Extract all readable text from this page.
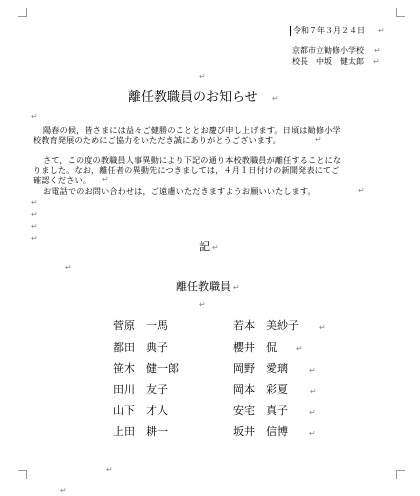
令和７年３月２４日 ↵
京都市立勧修小学校 ↵
校長　中坂　健太郎 ↵
↵
離任教職員のお知らせ ↵
↵
陽春の候，皆さまには益々ご健勝のこととお慶び申し上げます。日頃は勧修小学
校教育発展のためにご協力をいただき誠にありがとうございます。	↵
さて，この度の教職員人事異動により下記の通り本校教職員が離任することにな
りました。なお，離任者の異動先につきましては，４月１日付けの新聞発表にてご
確認ください。 ↵
お電話でのお問い合わせは，ご遠慮いただきますようお願いいたします。	↵
↵
↵
↵
↵
記 ↵
↵
離任教職員 ↵
↵
菅原　一馬
都田　典子
笹木　健一郎
田川　友子
山下　才人
上田　耕一
若本　美紗子
櫻井　侃
岡野　愛璃
岡本　彩夏
安宅　真子
坂井　信博
↵
↵
↵
↵
↵
↵
↵
↵
